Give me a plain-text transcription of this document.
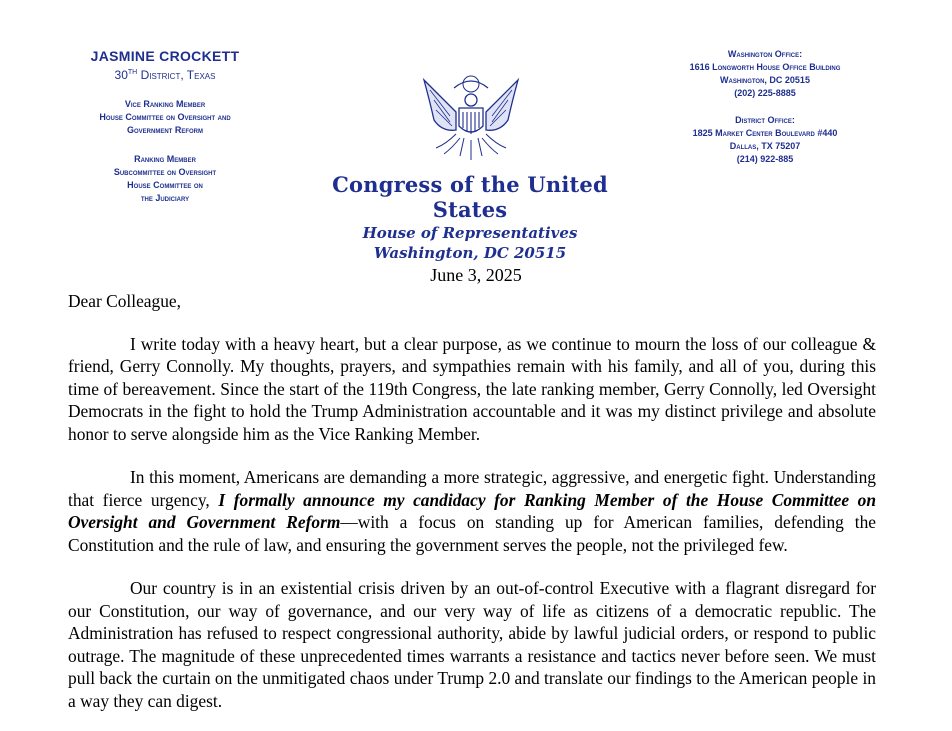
JASMINE CROCKETT
30TH District, Texas
Vice Ranking Member
House Committee on Oversight and
Government Reform
Ranking Member
Subcommittee on Oversight
House Committee on
the Judiciary
Washington Office:
1616 Longworth House Office Building
Washington, DC 20515
(202) 225-8885
District Office:
1825 Market Center Boulevard #440
Dallas, TX 75207
(214) 922-885
Congress of the United States
House of Representatives
Washington, DC 20515
June 3, 2025

Dear Colleague,

I write today with a heavy heart, but a clear purpose, as we continue to mourn the loss of our colleague & friend, Gerry Connolly. My thoughts, prayers, and sympathies remain with his family, and all of you, during this time of bereavement. Since the start of the 119th Congress, the late ranking member, Gerry Connolly, led Oversight Democrats in the fight to hold the Trump Administration accountable and it was my distinct privilege and absolute honor to serve alongside him as the Vice Ranking Member.

In this moment, Americans are demanding a more strategic, aggressive, and energetic fight. Understanding that fierce urgency, I formally announce my candidacy for Ranking Member of the House Committee on Oversight and Government Reform—with a focus on standing up for American families, defending the Constitution and the rule of law, and ensuring the government serves the people, not the privileged few.

Our country is in an existential crisis driven by an out-of-control Executive with a flagrant disregard for our Constitution, our way of governance, and our very way of life as citizens of a democratic republic. The Administration has refused to respect congressional authority, abide by lawful judicial orders, or respond to public outrage. The magnitude of these unprecedented times warrants a resistance and tactics never before seen. We must pull back the curtain on the unmitigated chaos under Trump 2.0 and translate our findings to the American people in a way they can digest.
